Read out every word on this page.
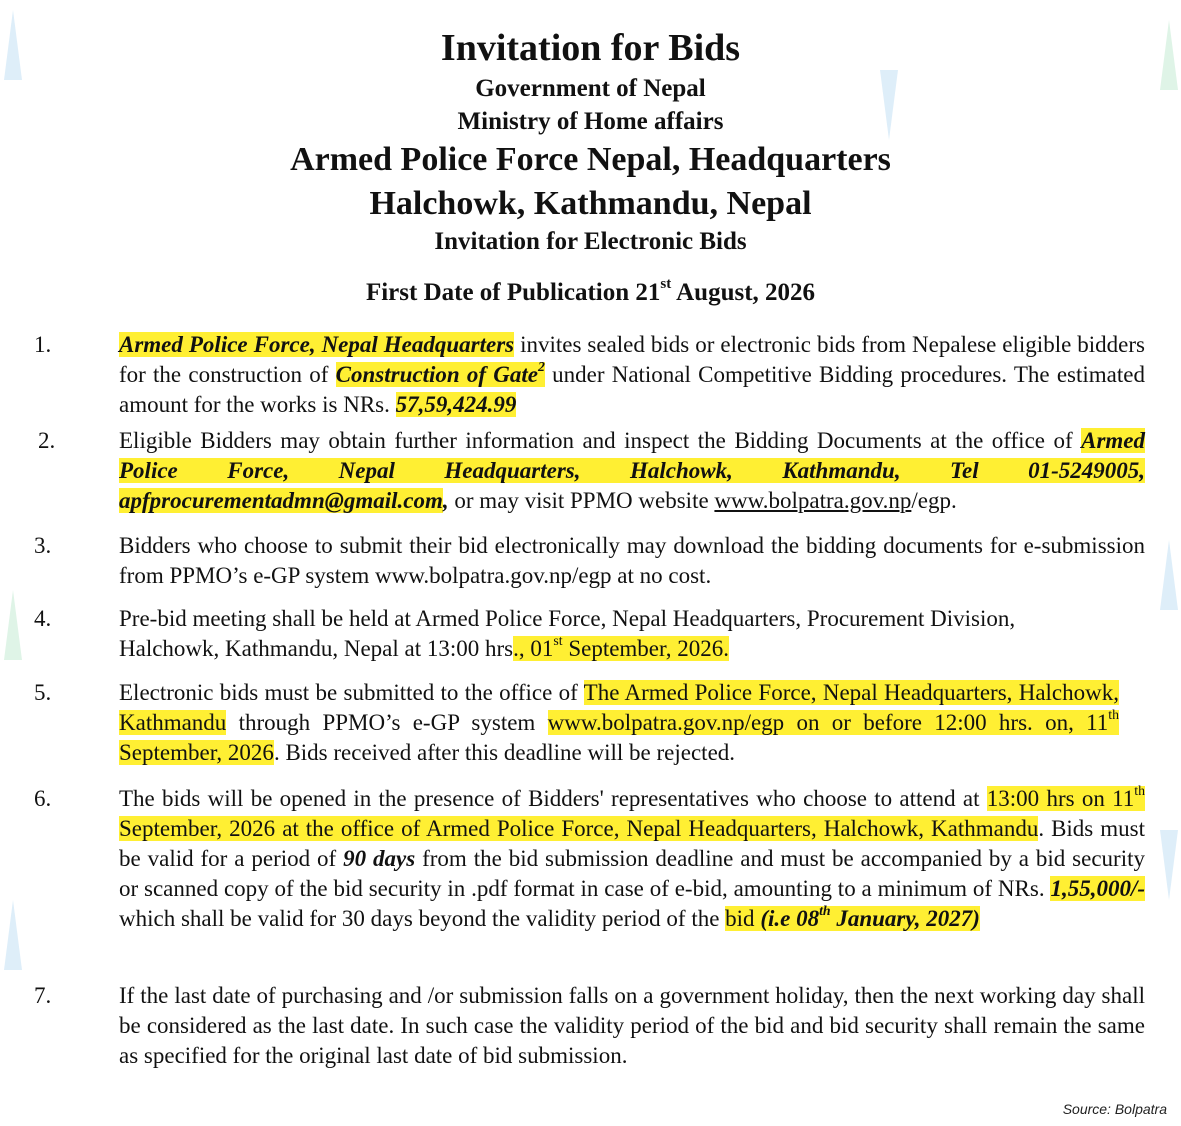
Invitation for Bids
Government of Nepal
Ministry of Home affairs
Armed Police Force Nepal, Headquarters
Halchowk, Kathmandu, Nepal
Invitation for Electronic Bids
First Date of Publication 21st August, 2026
1.	Armed Police Force, Nepal Headquarters invites sealed bids or electronic bids from Nepalese eligible bidders for the construction of Construction of Gate$^2$ under National Competitive Bidding procedures. The estimated amount for the works is NRs. 57,59,424.99
2.	Eligible Bidders may obtain further information and inspect the Bidding Documents at the office of Armed Police Force, Nepal Headquarters, Halchowk, Kathmandu, Tel 01-5249005, apfprocurementadmn@gmail.com, or may visit PPMO website www.bolpatra.gov.np/egp.
3.	Bidders who choose to submit their bid electronically may download the bidding documents for e-submission from PPMO’s e-GP system www.bolpatra.gov.np/egp at no cost.
4.	Pre-bid meeting shall be held at Armed Police Force, Nepal Headquarters, Procurement Division, Halchowk, Kathmandu, Nepal at 13:00 hrs., 01st September, 2026.
5.	Electronic bids must be submitted to the office of The Armed Police Force, Nepal Headquarters, Halchowk, Kathmandu through PPMO’s e-GP system www.bolpatra.gov.np/egp on or before 12:00 hrs. on, 11th September, 2026. Bids received after this deadline will be rejected.
6.	The bids will be opened in the presence of Bidders' representatives who choose to attend at 13:00 hrs on 11th September, 2026 at the office of Armed Police Force, Nepal Headquarters, Halchowk, Kathmandu. Bids must be valid for a period of 90 days from the bid submission deadline and must be accompanied by a bid security or scanned copy of the bid security in .pdf format in case of e-bid, amounting to a minimum of NRs. 1,55,000/- which shall be valid for 30 days beyond the validity period of the bid (i.e 08th January, 2027)
7.	If the last date of purchasing and /or submission falls on a government holiday, then the next working day shall be considered as the last date. In such case the validity period of the bid and bid security shall remain the same as specified for the original last date of bid submission.
Source: Bolpatra
